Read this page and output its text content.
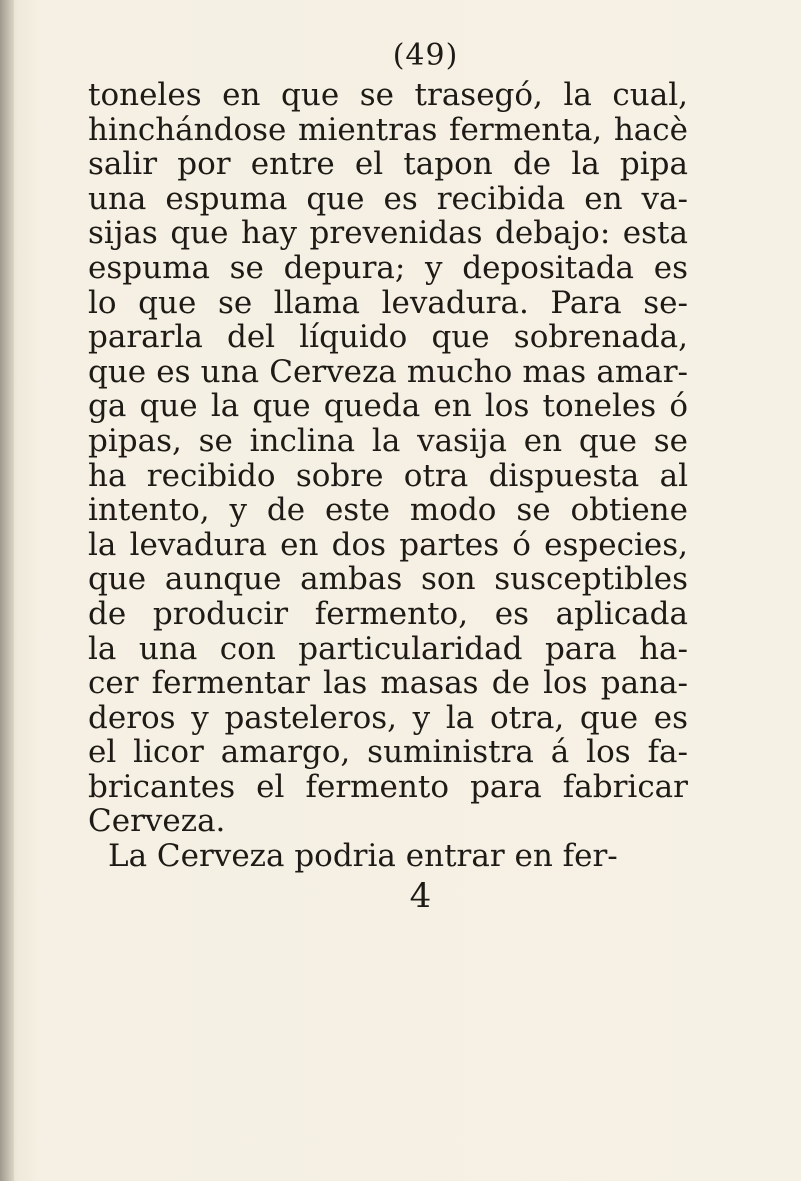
(49)
toneles en que se trasegó, la cual,
hinchándose mientras fermenta, hacè
salir por entre el tapon de la pipa
una espuma que es recibida en va-
sijas que hay prevenidas debajo: esta
espuma se depura; y depositada es
lo que se llama levadura. Para se-
pararla del líquido que sobrenada,
que es una Cerveza mucho mas amar-
ga que la que queda en los toneles ó
pipas, se inclina la vasija en que se
ha recibido sobre otra dispuesta al
intento, y de este modo se obtiene
la levadura en dos partes ó especies,
que aunque ambas son susceptibles
de producir fermento, es aplicada
la una con particularidad para ha-
cer fermentar las masas de los pana-
deros y pasteleros, y la otra, que es
el licor amargo, suministra á los fa-
bricantes el fermento para fabricar
Cerveza.
La Cerveza podria entrar en fer-
4
